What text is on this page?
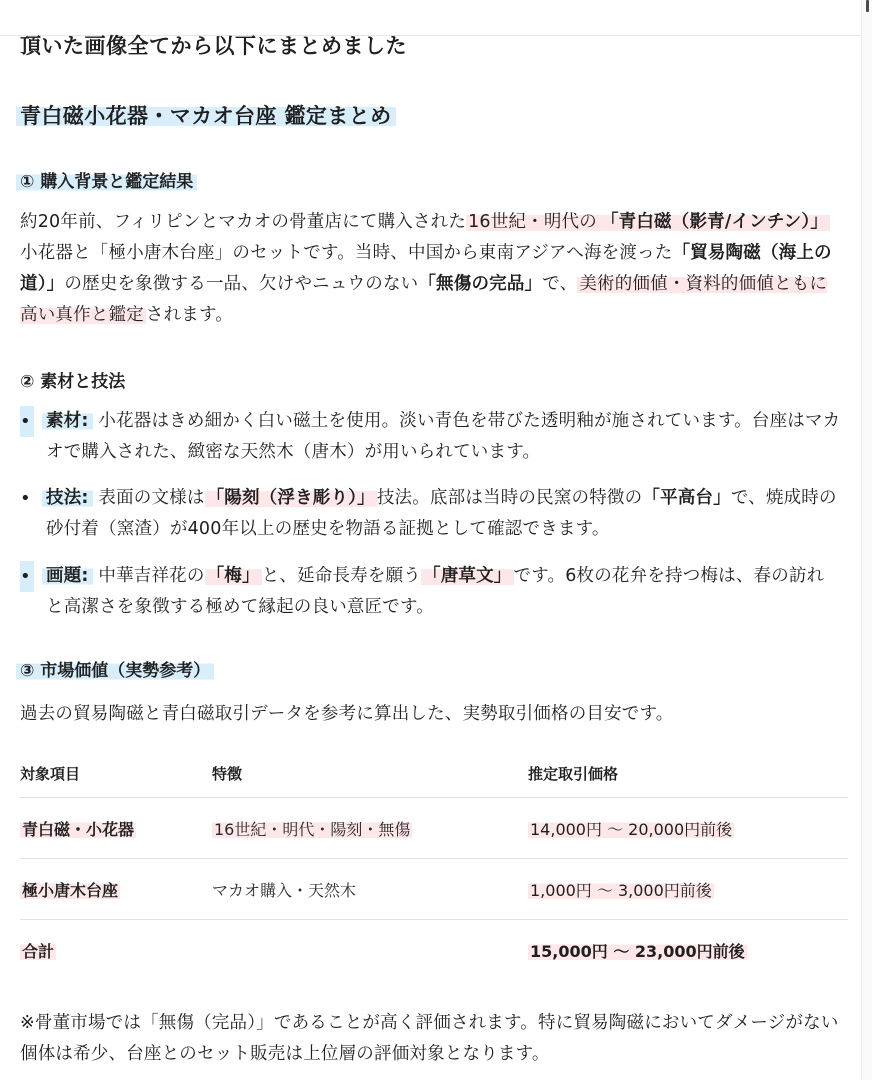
頂いた画像全てから以下にまとめました
青白磁小花器・マカオ台座 鑑定まとめ
① 購入背景と鑑定結果
約20年前、フィリピンとマカオの骨董店にて購入された 16世紀・明代の 「青白磁（影青/インチン）」小花器と「極小唐木台座」のセットです。当時、中国から東南アジアへ海を渡った「貿易陶磁（海上の道）」の歴史を象徴する一品、欠けやニュウのない「無傷の完品」で、 美術的価値・資料的価値ともに高い真作と鑑定 されます。
② 素材と技法
•
素材: 小花器はきめ細かく白い磁土を使用。淡い青色を帯びた透明釉が施されています。台座はマカオで購入された、緻密な天然木（唐木）が用いられています。
•
技法: 表面の文様は 「陽刻（浮き彫り）」 技法。底部は当時の民窯の特徴の「平高台」で、焼成時の砂付着（窯渣）が400年以上の歴史を物語る証拠として確認できます。
•
画題: 中華吉祥花の 「梅」 と、延命長寿を願う 「唐草文」 です。6枚の花弁を持つ梅は、春の訪れと高潔さを象徴する極めて縁起の良い意匠です。
③ 市場価値（実勢参考）
過去の貿易陶磁と青白磁取引データを参考に算出した、実勢取引価格の目安です。
対象項目	特徴	推定取引価格
青白磁・小花器	16世紀・明代・陽刻・無傷	14,000円 ～ 20,000円前後
極小唐木台座	マカオ購入・天然木	1,000円 ～ 3,000円前後
合計		15,000円 ～ 23,000円前後
※骨董市場では「無傷（完品）」であることが高く評価されます。特に貿易陶磁においてダメージがない個体は希少、台座とのセット販売は上位層の評価対象となります。
